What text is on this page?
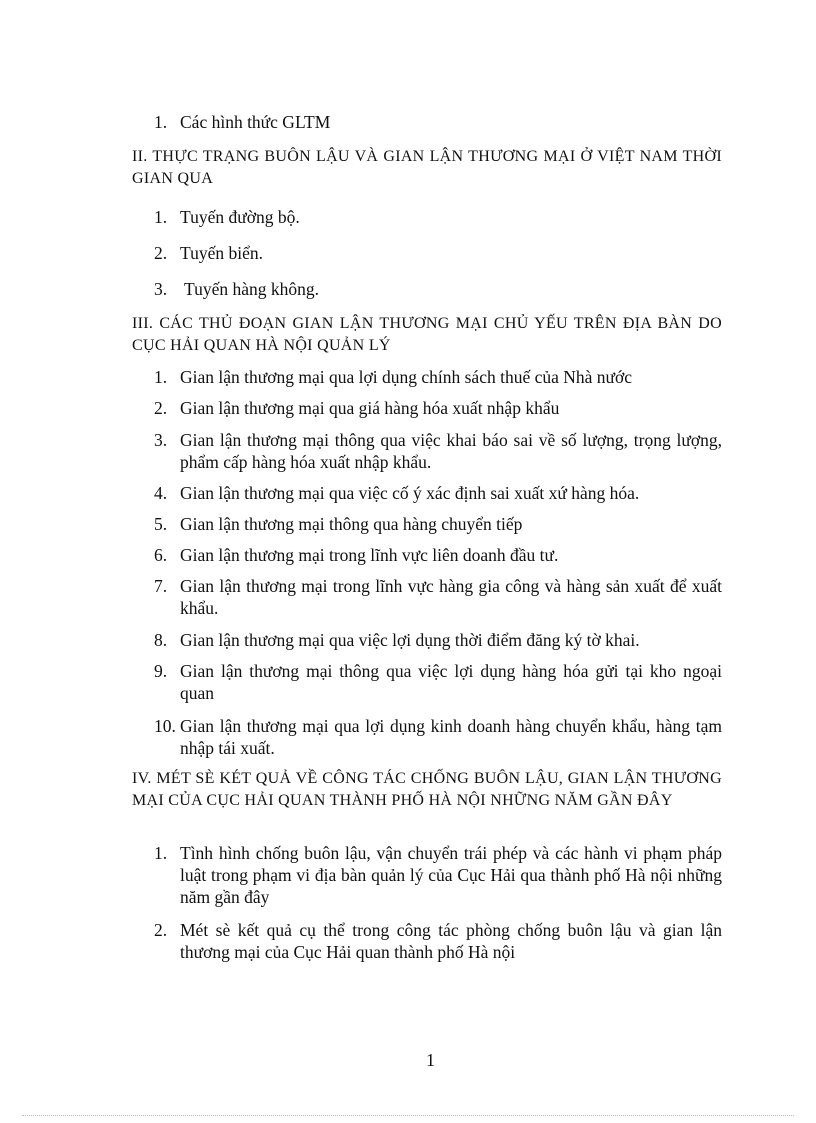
1. Các hình thức GLTM
II. THỰC TRẠNG BUÔN LẬU VÀ GIAN LẬN THƯƠNG MẠI Ở VIỆT NAM THỜI GIAN QUA
1. Tuyến đường bộ.
2. Tuyến biển.
3. Tuyến hàng không.
III. CÁC THỦ ĐOẠN GIAN LẬN THƯƠNG MẠI CHỦ YẾU TRÊN ĐỊA BÀN DO CỤC HẢI QUAN HÀ NỘI QUẢN LÝ
1. Gian lận thương mại qua lợi dụng chính sách thuế của Nhà nước
2. Gian lận thương mại qua giá hàng hóa xuất nhập khẩu
3. Gian lận thương mại thông qua việc khai báo sai về số lượng, trọng lượng, phẩm cấp hàng hóa xuất nhập khẩu.
4. Gian lận thương mại qua việc cố ý xác định sai xuất xứ hàng hóa.
5. Gian lận thương mại thông qua hàng chuyển tiếp
6. Gian lận thương mại trong lĩnh vực liên doanh đầu tư.
7. Gian lận thương mại trong lĩnh vực hàng gia công và hàng sản xuất để xuất khẩu.
8. Gian lận thương mại qua việc lợi dụng thời điểm đăng ký tờ khai.
9. Gian lận thương mại thông qua việc lợi dụng hàng hóa gửi tại kho ngoại quan
10. Gian lận thương mại qua lợi dụng kinh doanh hàng chuyển khẩu, hàng tạm nhập tái xuất.
IV. MÉT SÈ KÉT QUẢ VỀ CÔNG TÁC CHỐNG BUÔN LẬU, GIAN LẬN THƯƠNG MẠI CỦA CỤC HẢI QUAN THÀNH PHỐ HÀ NỘI NHỮNG NĂM GẦN ĐÂY
1. Tình hình chống buôn lậu, vận chuyển trái phép và các hành vi phạm pháp luật trong phạm vi địa bàn quản lý của Cục Hải qua thành phố Hà nội những năm gần đây
2. Mét sè kết quả cụ thể trong công tác phòng chống buôn lậu và gian lận thương mại của Cục Hải quan thành phố Hà nội
1
